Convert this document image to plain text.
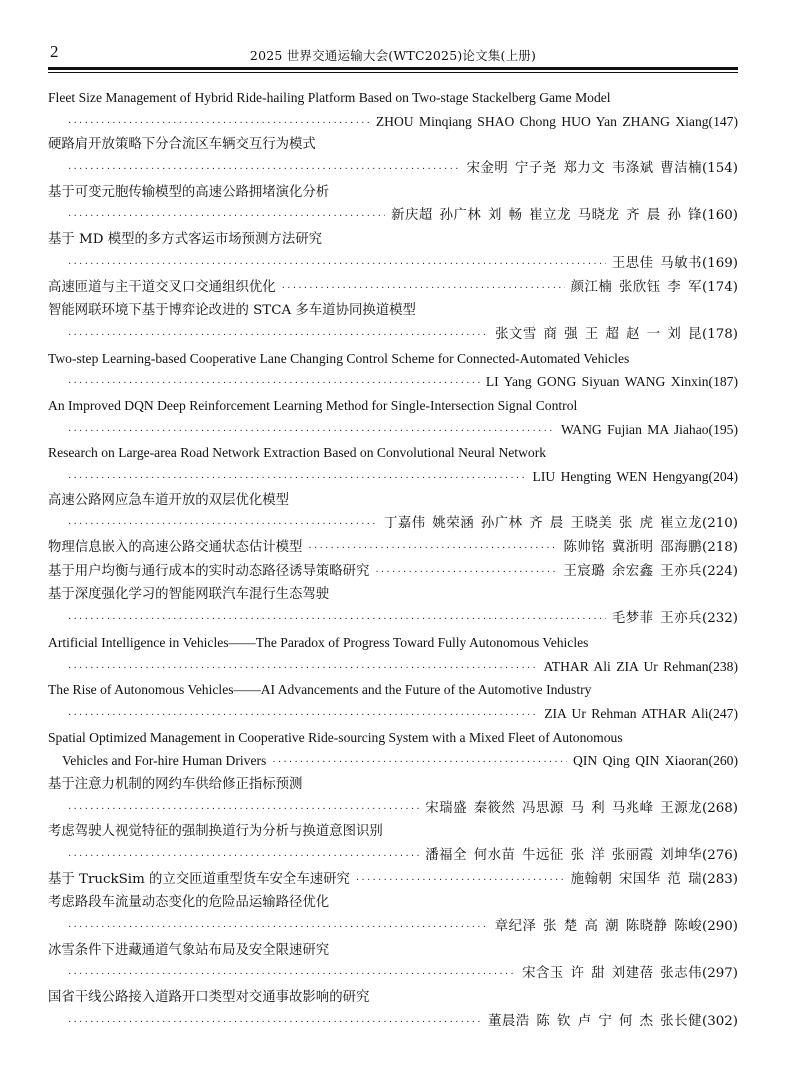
2	2025 世界交通运输大会(WTC2025)论文集(上册)
Fleet Size Management of Hybrid Ride-hailing Platform Based on Two-stage Stackelberg Game Model
·····
ZHOU Minqiang SHAO Chong HUO Yan ZHANG Xiang (147)
硬路肩开放策略下分合流区车辆交互行为模式
·····
宋金明 宁子尧 郑力文 韦涤斌 曹洁楠 (154)
基于可变元胞传输模型的高速公路拥堵演化分析
·····
新庆超 孙广林 刘 畅 崔立龙 马晓龙 齐 晨 孙 锋 (160)
基于 MD 模型的多方式客运市场预测方法研究
·····
王思佳 马敏书 (169)
高速匝道与主干道交叉口交通组织优化 ·····	颜江楠 张欣钰 李 军 (174)
智能网联环境下基于博弈论改进的 STCA 多车道协同换道模型
·····
张文雪 商 强 王 超 赵 一 刘 昆 (178)
Two-step Learning-based Cooperative Lane Changing Control Scheme for Connected-Automated Vehicles
·····
LI Yang GONG Siyuan WANG Xinxin (187)
An Improved DQN Deep Reinforcement Learning Method for Single-Intersection Signal Control
·····
WANG Fujian MA Jiahao (195)
Research on Large-area Road Network Extraction Based on Convolutional Neural Network
·····
LIU Hengting WEN Hengyang (204)
高速公路网应急车道开放的双层优化模型
·····
丁嘉伟 姚荣涵 孙广林 齐 晨 王晓美 张 虎 崔立龙 (210)
物理信息嵌入的高速公路交通状态估计模型 ·····	陈帅铭 冀浙明 邵海鹏 (218)
基于用户均衡与通行成本的实时动态路径诱导策略研究 ·····	王宸璐 余宏鑫 王亦兵 (224)
基于深度强化学习的智能网联汽车混行生态驾驶
·····
毛梦菲 王亦兵 (232)
Artificial Intelligence in Vehicles——The Paradox of Progress Toward Fully Autonomous Vehicles
·····
ATHAR Ali ZIA Ur Rehman (238)
The Rise of Autonomous Vehicles——AI Advancements and the Future of the Automotive Industry
·····
ZIA Ur Rehman ATHAR Ali (247)
Spatial Optimized Management in Cooperative Ride-sourcing System with a Mixed Fleet of Autonomous
Vehicles and For-hire Human Drivers ·····	QIN Qing QIN Xiaoran (260)
基于注意力机制的网约车供给修正指标预测
·····
宋瑞盛 秦筱然 冯思源 马 利 马兆峰 王源龙 (268)
考虑驾驶人视觉特征的强制换道行为分析与换道意图识别
·····
潘福全 何水苗 牛远征 张 洋 张丽霞 刘坤华 (276)
基于 TruckSim 的立交匝道重型货车安全车速研究 ·····	施翰朝 宋国华 范 瑞 (283)
考虑路段车流量动态变化的危险品运输路径优化
·····
章纪泽 张 楚 高 潮 陈晓静 陈峻 (290)
冰雪条件下进藏通道气象站布局及安全限速研究
·····
宋含玉 许 甜 刘建蓓 张志伟 (297)
国省干线公路接入道路开口类型对交通事故影响的研究
·····
董晨浩 陈 钦 卢 宁 何 杰 张长健 (302)
